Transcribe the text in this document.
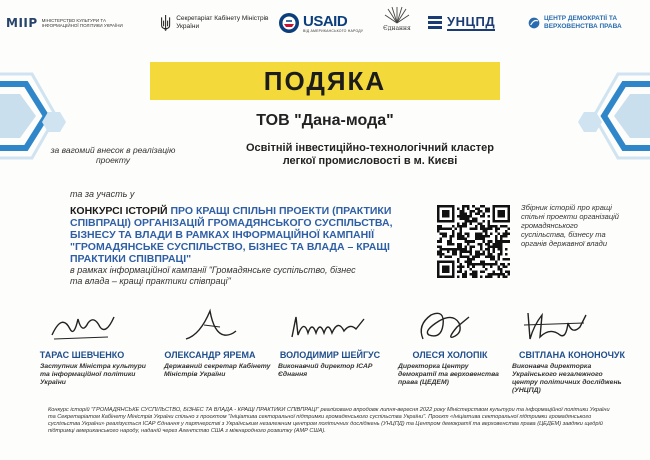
MIIP МІНІСТЕРСТВО КУЛЬТУРИ ТА ІНФОРМАЦІЙНОЇ ПОЛІТИКИ УКРАЇНИ
Секретаріат Кабінету Міністрів України	USAID
ВІД АМЕРИКАНСЬКОГО НАРОДУ	Єднання	УНЦПД	ЦЕНТР ДЕМОКРАТІЇ ТА ВЕРХОВЕНСТВА ПРАВА
ПОДЯКА
ТОВ "Дана-мода"
за вагомий внесок в реалізацію проекту
Освітній інвестиційно-технологічний кластер
легкої промисловості в м. Києві
та за участь у
КОНКУРСІ ІСТОРІЙ ПРО КРАЩІ СПІЛЬНІ ПРОЕКТИ (ПРАКТИКИ СПІВПРАЦІ) ОРГАНІЗАЦІЙ ГРОМАДЯНСЬКОГО СУСПІЛЬСТВА, БІЗНЕСУ ТА ВЛАДИ В РАМКАХ ІНФОРМАЦІЙНОЇ КАМПАНІЇ "ГРОМАДЯНСЬКЕ СУСПІЛЬСТВО, БІЗНЕС ТА ВЛАДА – КРАЩІ ПРАКТИКИ СПІВПРАЦІ"
в рамках інформаційної кампанії "Громадянське суспільство, бізнес та влада – кращі практики співпраці"
Збірник історій про кращі спільні проекти організацій громадянського суспільства, бізнесу та органів державної влади
ТАРАС ШЕВЧЕНКО	ОЛЕКСАНДР ЯРЕМА	ВОЛОДИМИР ШЕЙГУС	ОЛЕСЯ ХОЛОПІК	СВІТЛАНА КОНОНОЧУК
Заступник Міністра культури та інформаційної політики України
Державний секретар Кабінету Міністрів України
Виконавчий директор ІСАР Єднання
Директорка Центру демократії та верховенства права (ЦЕДЕМ)
Виконавча директорка Українського незалежного центру політичних досліджень (УНЦПД)
Конкурс історій "ГРОМАДЯНСЬКЕ СУСПІЛЬСТВО, БІЗНЕС ТА ВЛАДА - КРАЩІ ПРАКТИКИ СПІВПРАЦІ" реалізовано впродовж липня-вересня 2022 року Міністерством культури та інформаційної політики України та Секретаріатом Кабінету Міністрів України спільно з проєктом "Ініціатива секторальної підтримки громадянського суспільства України". Проєкт «Ініціатива секторальної підтримки громадянського суспільства України» реалізується ІСАР Єднання у партнерстві з Українським незалежним центром політичних досліджень (УНЦПД) та Центром демократії та верховенства права (ЦЕДЕМ) завдяки щедрій підтримці американського народу, наданій через Агентство США з міжнародного розвитку (АМР США).
